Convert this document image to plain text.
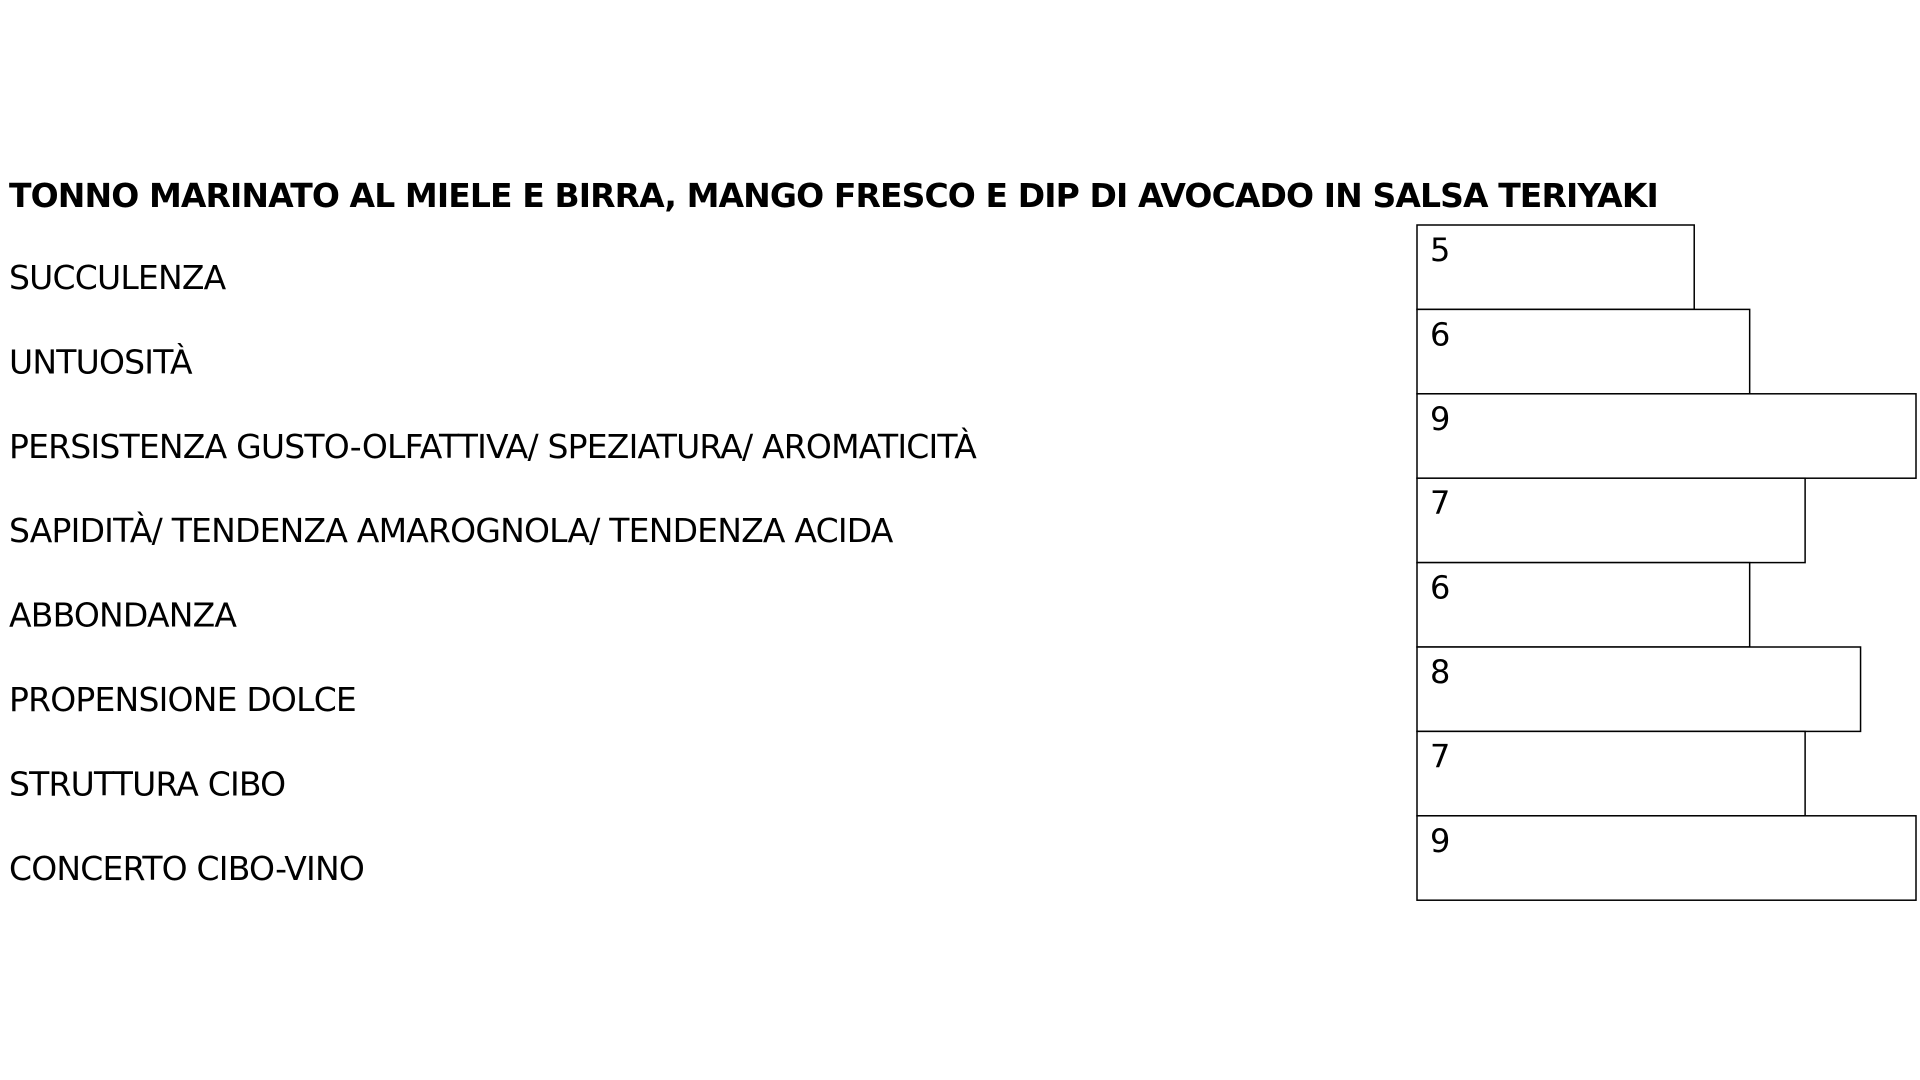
TONNO MARINATO AL MIELE E BIRRA, MANGO FRESCO E DIP DI AVOCADO IN SALSA TERIYAKI
SUCCULENZA
UNTUOSITÀ
PERSISTENZA GUSTO-OLFATTIVA/ SPEZIATURA/ AROMATICITÀ
SAPIDITÀ/ TENDENZA AMAROGNOLA/ TENDENZA ACIDA
ABBONDANZA
PROPENSIONE DOLCE
STRUTTURA CIBO
CONCERTO CIBO-VINO
5
6
9
7
6
8
7
9
